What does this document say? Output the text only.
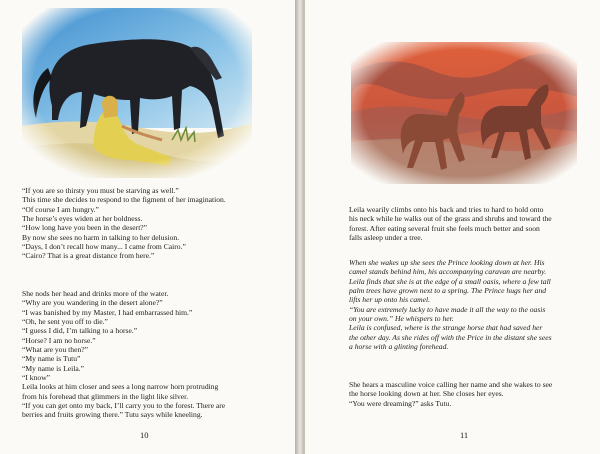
“If you are so thirsty you must be starving as well.”

This time she decides to respond to the figment of her imagination.

“Of course I am hungry.”

The horse’s eyes widen at her boldness.

“How long have you been in the desert?”

By now she sees no harm in talking to her delusion.

“Days, I don’t recall how many... I came from Cairo.”

“Cairo? That is a great distance from here.”

She nods her head and drinks more of the water.

“Why are you wandering in the desert alone?”

“I was banished by my Master, I had embarrassed him.”

“Oh, he sent you off to die.”

“I guess I did, I’m talking to a horse.”

“Horse? I am no horse.”

“What are you then?”

“My name is Tutu”

“My name is Leila.”

“I know”

Leila looks at him closer and sees a long narrow horn protruding

from his forehead that glimmers in the light like silver.

“If you can get onto my back, I’ll carry you to the forest. There are

berries and fruits growing there.” Tutu says while kneeling.

10

Leila wearily climbs onto his back and tries to hard to hold onto

his neck while he walks out of the grass and shrubs and toward the

forest. After eating several fruit she feels much better and soon

falls asleep under a tree.

When she wakes up she sees the Prince looking down at her. His

camel stands behind him, his accompanying caravan are nearby.

Leila finds that she is at the edge of a small oasis, where a few tall

palm trees have grown next to a spring. The Prince hugs her and

lifts her up onto his camel.

“You are extremely lucky to have made it all the way to the oasis

on your own.” He whispers to her.

Leila is confused, where is the strange horse that had saved her

the other day. As she rides off with the Price in the distant she sees

a horse with a glinting forehead.

She hears a masculine voice calling her name and she wakes to see

the horse looking down at her. She closes her eyes.

“You were dreaming?” asks Tutu.

11
